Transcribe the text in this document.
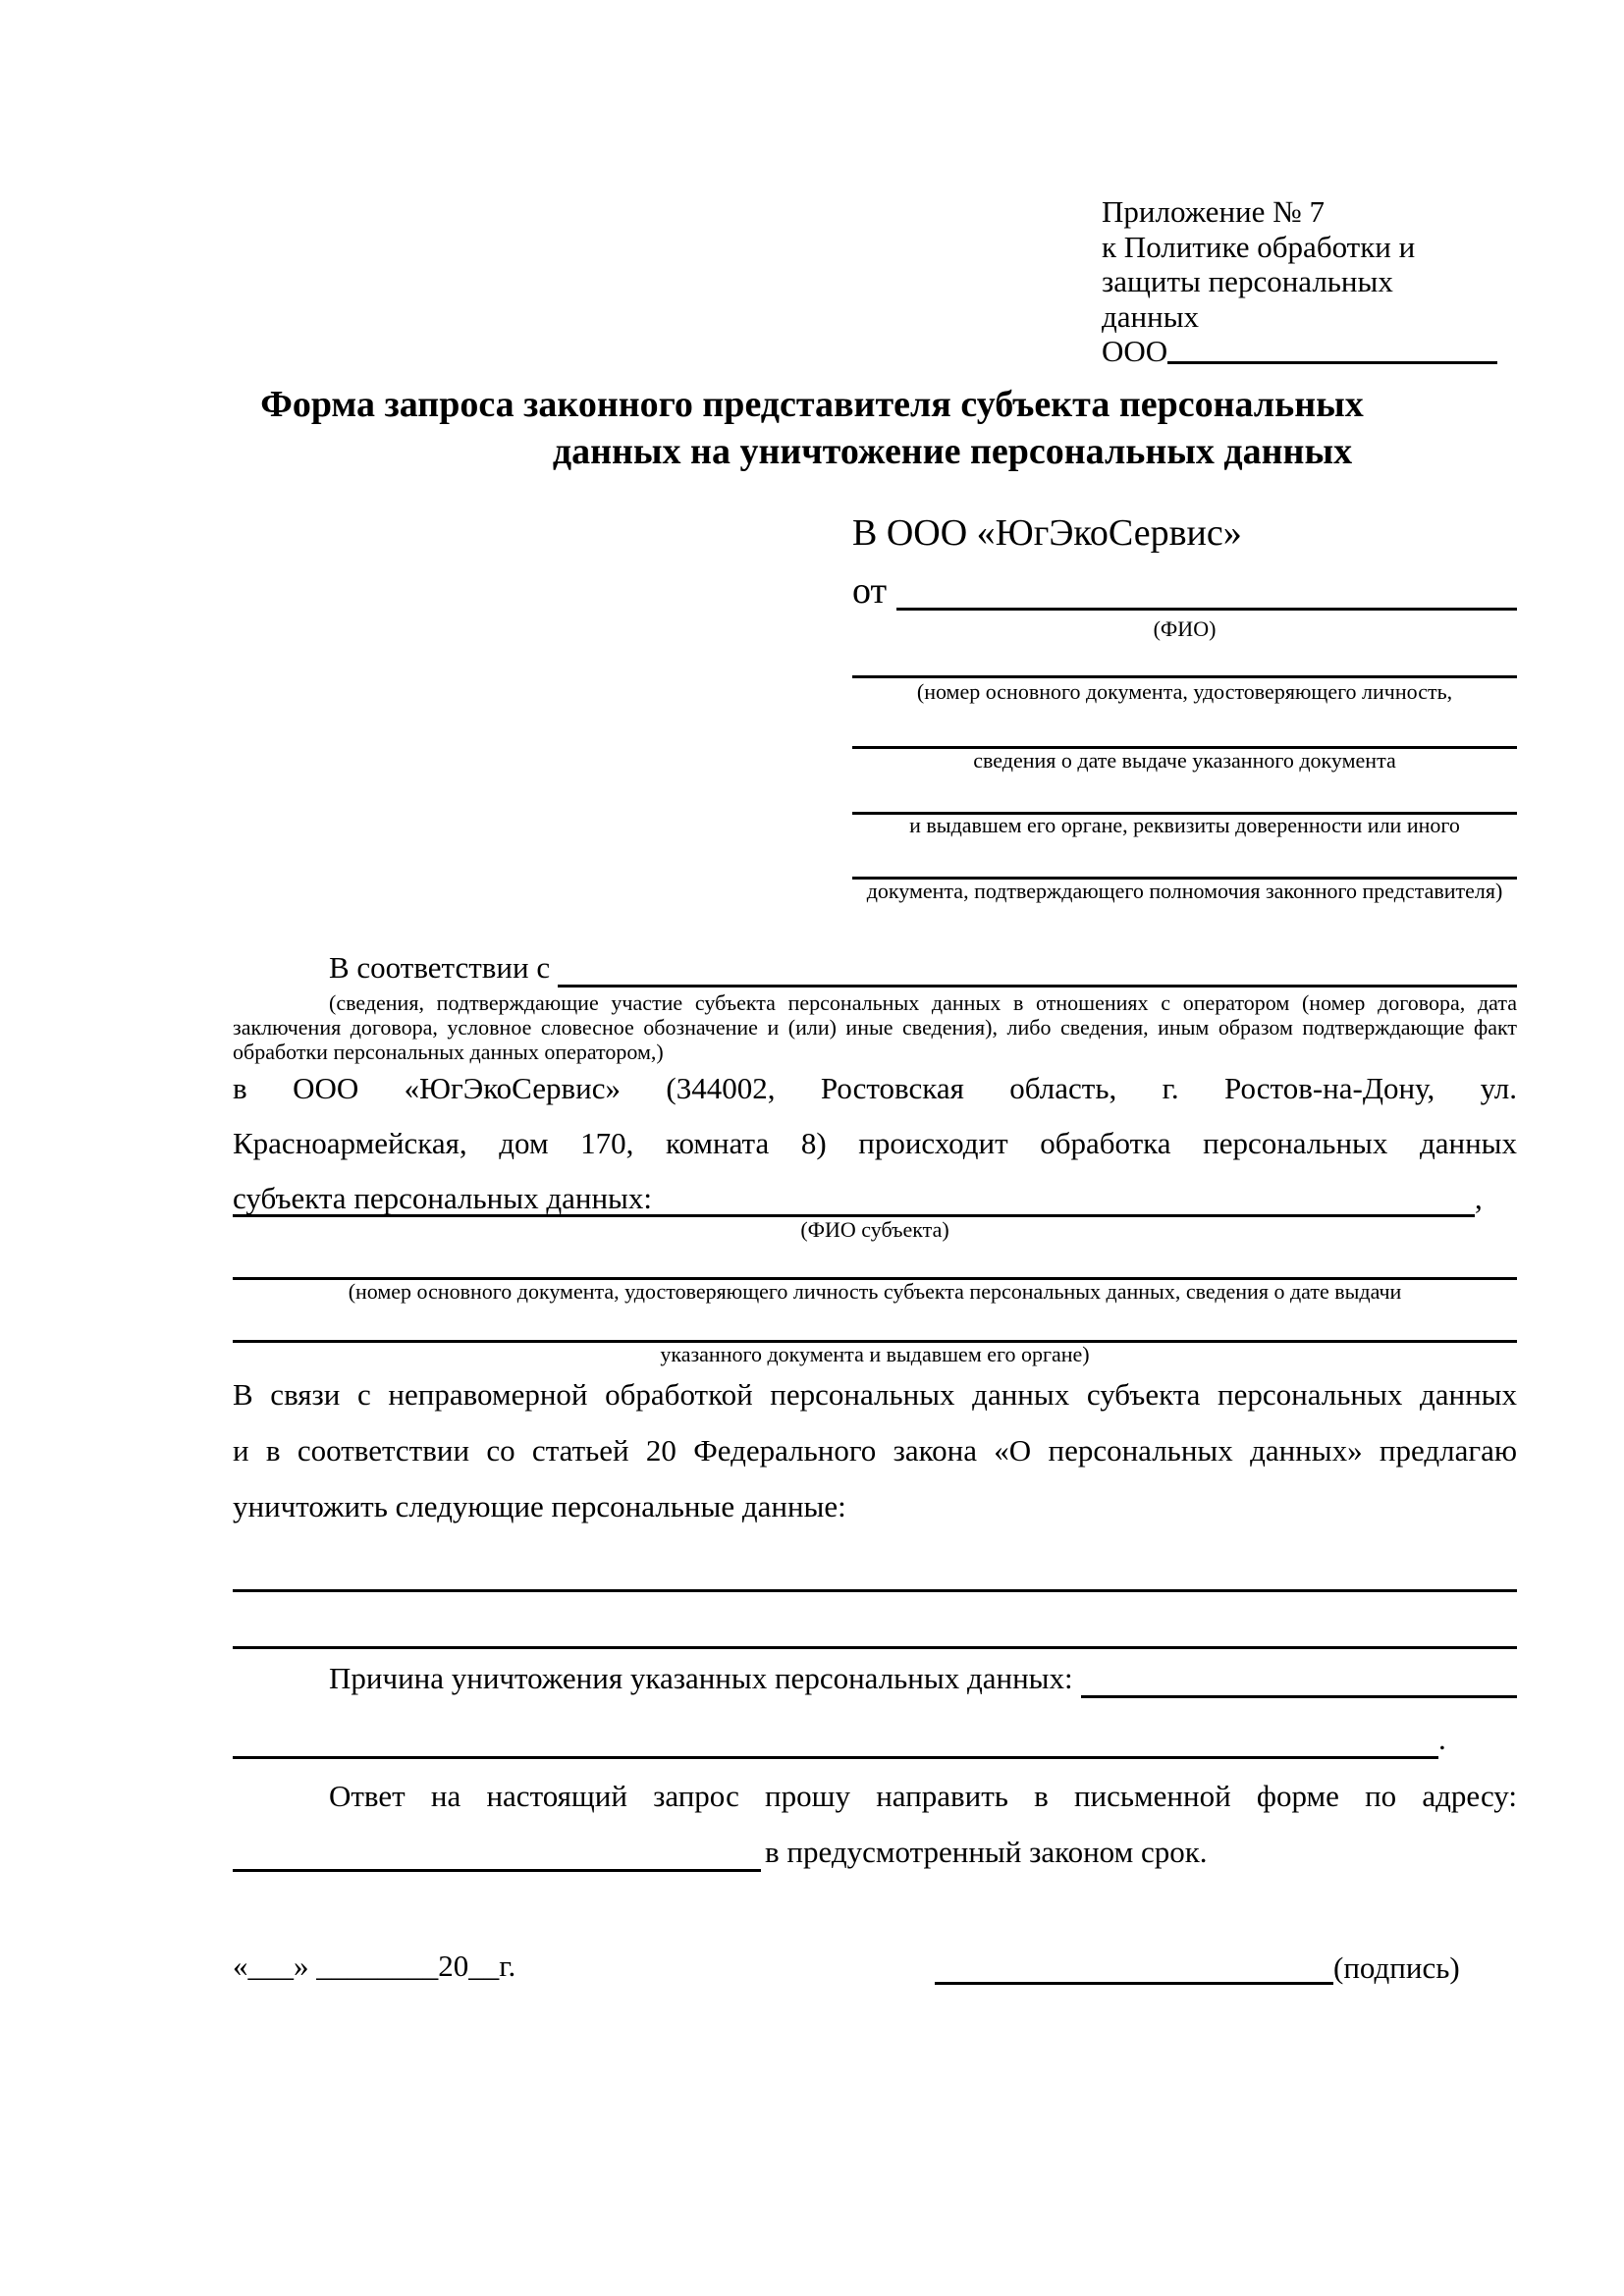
Приложение № 7
к Политике обработки и
защиты персональных данных
ООО
Форма запроса законного представителя субъекта персональных
данных на уничтожение персональных данных
В ООО «ЮгЭкоСервис»
от
(ФИО)
(номер основного документа, удостоверяющего личность,
сведения о дате выдаче указанного документа
и выдавшем его органе, реквизиты доверенности или иного
документа, подтверждающего полномочия законного представителя)
В соответствии с
(сведения, подтверждающие участие субъекта персональных данных в отношениях с оператором (номер договора, дата
заключения договора, условное словесное обозначение и (или) иные сведения), либо сведения, иным образом подтверждающие факт
обработки персональных данных оператором,)
в ООО «ЮгЭкоСервис» (344002, Ростовская область, г. Ростов-на-Дону, ул.
Красноармейская, дом 170, комната 8) происходит обработка персональных данных
субъекта персональных данных:	,
(ФИО субъекта)
(номер основного документа, удостоверяющего личность субъекта персональных данных, сведения о дате выдачи
указанного документа и выдавшем его органе)
В связи с неправомерной обработкой персональных данных субъекта персональных данных
и в соответствии со статьей 20 Федерального закона «О персональных данных» предлагаю
уничтожить следующие персональные данные:
Причина уничтожения указанных персональных данных:
.
Ответ на настоящий запрос прошу направить в письменной форме по адресу:
в предусмотренный законом срок.
«___» ________20__г.	(подпись)
